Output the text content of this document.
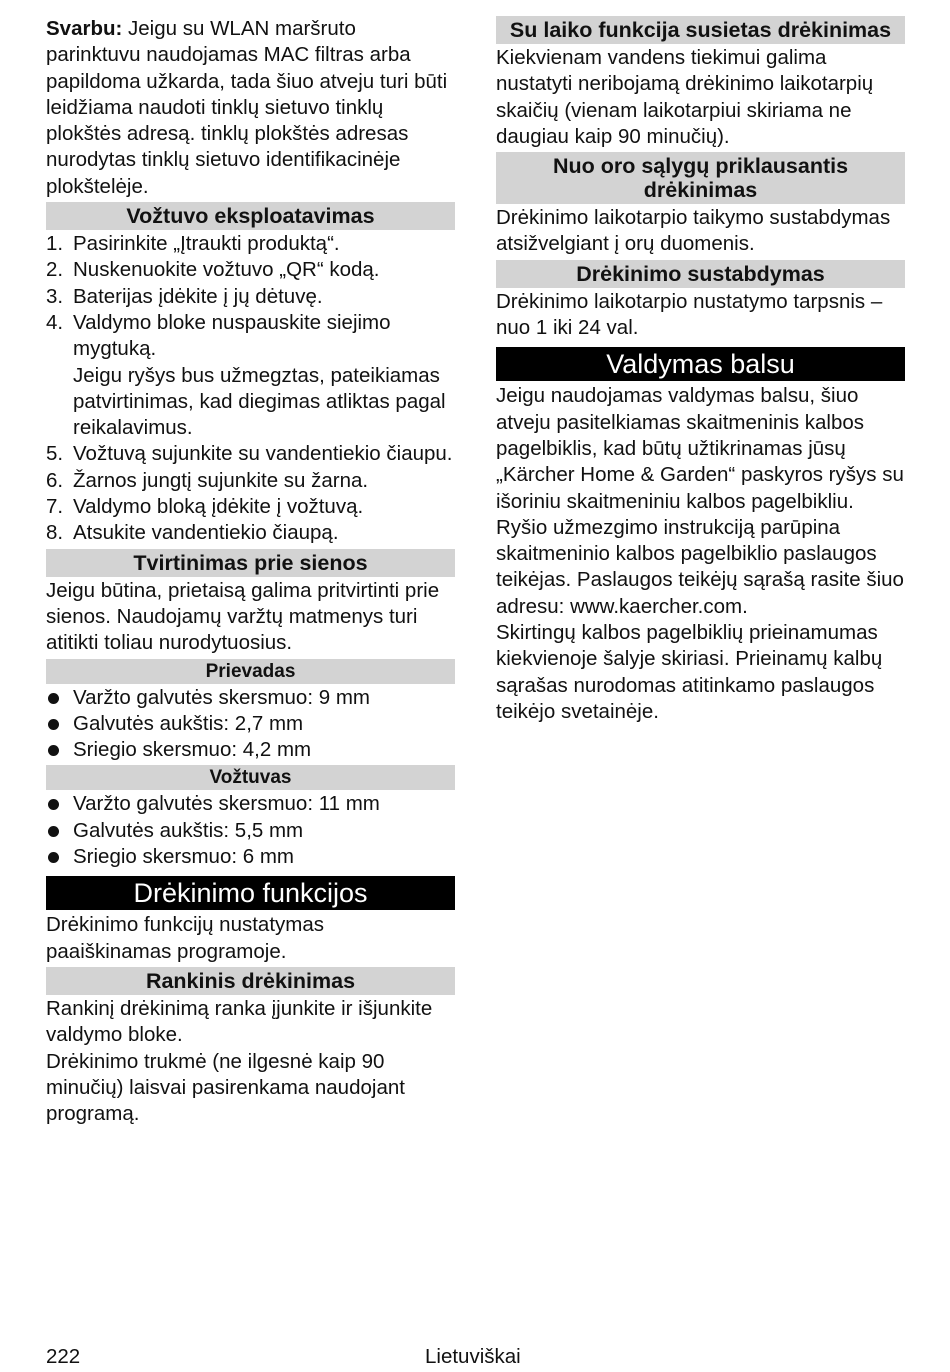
Svarbu: Jeigu su WLAN maršruto parinktuvu naudojamas MAC filtras arba papildoma užkarda, tada šiuo atveju turi būti leidžiama naudoti tinklų sietuvo tinklų plokštės adresą. tinklų plokštės adresas nurodytas tinklų sietuvo identifikacinėje plokštelėje.

Vožtuvo eksploatavimas
1. Pasirinkite „Įtraukti produktą“.
2. Nuskenuokite vožtuvo „QR“ kodą.
3. Baterijas įdėkite į jų dėtuvę.
4. Valdymo bloke nuspauskite siejimo mygtuką.
Jeigu ryšys bus užmegztas, pateikiamas patvirtinimas, kad diegimas atliktas pagal reikalavimus.
5. Vožtuvą sujunkite su vandentiekio čiaupu.
6. Žarnos jungtį sujunkite su žarna.
7. Valdymo bloką įdėkite į vožtuvą.
8. Atsukite vandentiekio čiaupą.
Tvirtinimas prie sienos

Jeigu būtina, prietaisą galima pritvirtinti prie sienos. Naudojamų varžtų matmenys turi atitikti toliau nurodytuosius.

Prievadas
Varžto galvutės skersmuo: 9 mm
Galvutės aukštis: 2,7 mm
Sriegio skersmuo: 4,2 mm
Vožtuvas
Varžto galvutės skersmuo: 11 mm
Galvutės aukštis: 5,5 mm
Sriegio skersmuo: 6 mm
Drėkinimo funkcijos

Drėkinimo funkcijų nustatymas paaiškinamas programoje.

Rankinis drėkinimas

Rankinį drėkinimą ranka įjunkite ir išjunkite valdymo bloke.

Drėkinimo trukmė (ne ilgesnė kaip 90 minučių) laisvai pasirenkama naudojant programą.

Su laiko funkcija susietas drėkinimas

Kiekvienam vandens tiekimui galima nustatyti neribojamą drėkinimo laikotarpių skaičių (vienam laikotarpiui skiriama ne daugiau kaip 90 minučių).

Nuo oro sąlygų priklausantis drėkinimas

Drėkinimo laikotarpio taikymo sustabdymas atsižvelgiant į orų duomenis.

Drėkinimo sustabdymas

Drėkinimo laikotarpio nustatymo tarpsnis – nuo 1 iki 24 val.

Valdymas balsu

Jeigu naudojamas valdymas balsu, šiuo atveju pasitelkiamas skaitmeninis kalbos pagelbiklis, kad būtų užtikrinamas jūsų „Kärcher Home & Garden“ paskyros ryšys su išoriniu skaitmeniniu kalbos pagelbikliu.

Ryšio užmezgimo instrukciją parūpina skaitmeninio kalbos pagelbiklio paslaugos teikėjas. Paslaugos teikėjų sąrašą rasite šiuo adresu: www.kaercher.com.

Skirtingų kalbos pagelbiklių prieinamumas kiekvienoje šalyje skiriasi. Prieinamų kalbų sąrašas nurodomas atitinkamo paslaugos teikėjo svetainėje.

222	Lietuviškai
